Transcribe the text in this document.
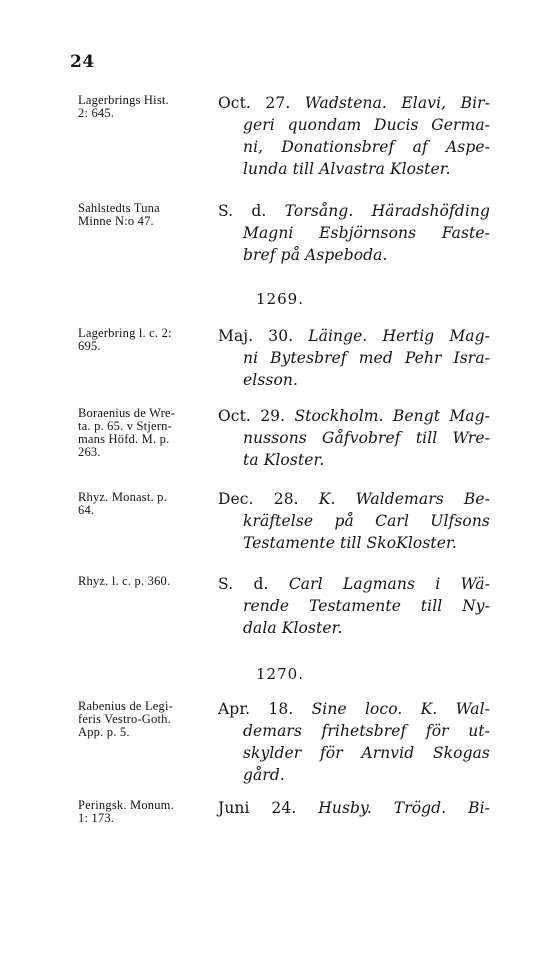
24
Lagerbrings Hist.
2: 645.
Oct. 27. Wadstena. Elavi, Bir-
geri quondam Ducis Germa-
ni, Donationsbref af Aspe-
lunda till Alvastra Kloster.
Sahlstedts Tuna
Minne N:o 47.
S. d. Torsång. Häradshöfding
Magni Esbjörnsons Faste-
bref på Aspeboda.
1269.
Lagerbring l. c. 2:
695.
Maj. 30. Läinge. Hertig Mag-
ni Bytesbref med Pehr Isra-
elsson.
Boraenius de Wre-
ta. p. 65. v Stjern-
mans Höfd. M. p.
263.
Oct. 29. Stockholm. Bengt Mag-
nussons Gåfvobref till Wre-
ta Kloster.
Rhyz. Monast. p.
64.
Dec. 28. K. Waldemars Be-
kräftelse på Carl Ulfsons
Testamente till SkoKloster.
Rhyz. l. c. p. 360.	S. d. Carl Lagmans i Wä-
rende Testamente till Ny-
dala Kloster.
1270.
Rabenius de Legi-
feris Vestro-Goth.
App. p. 5.
Apr. 18. Sine loco. K. Wal-
demars frihetsbref för ut-
skylder för Arnvid Skogas
gård.
Peringsk. Monum.
1: 173.
Juni 24. Husby. Trögd. Bi-
